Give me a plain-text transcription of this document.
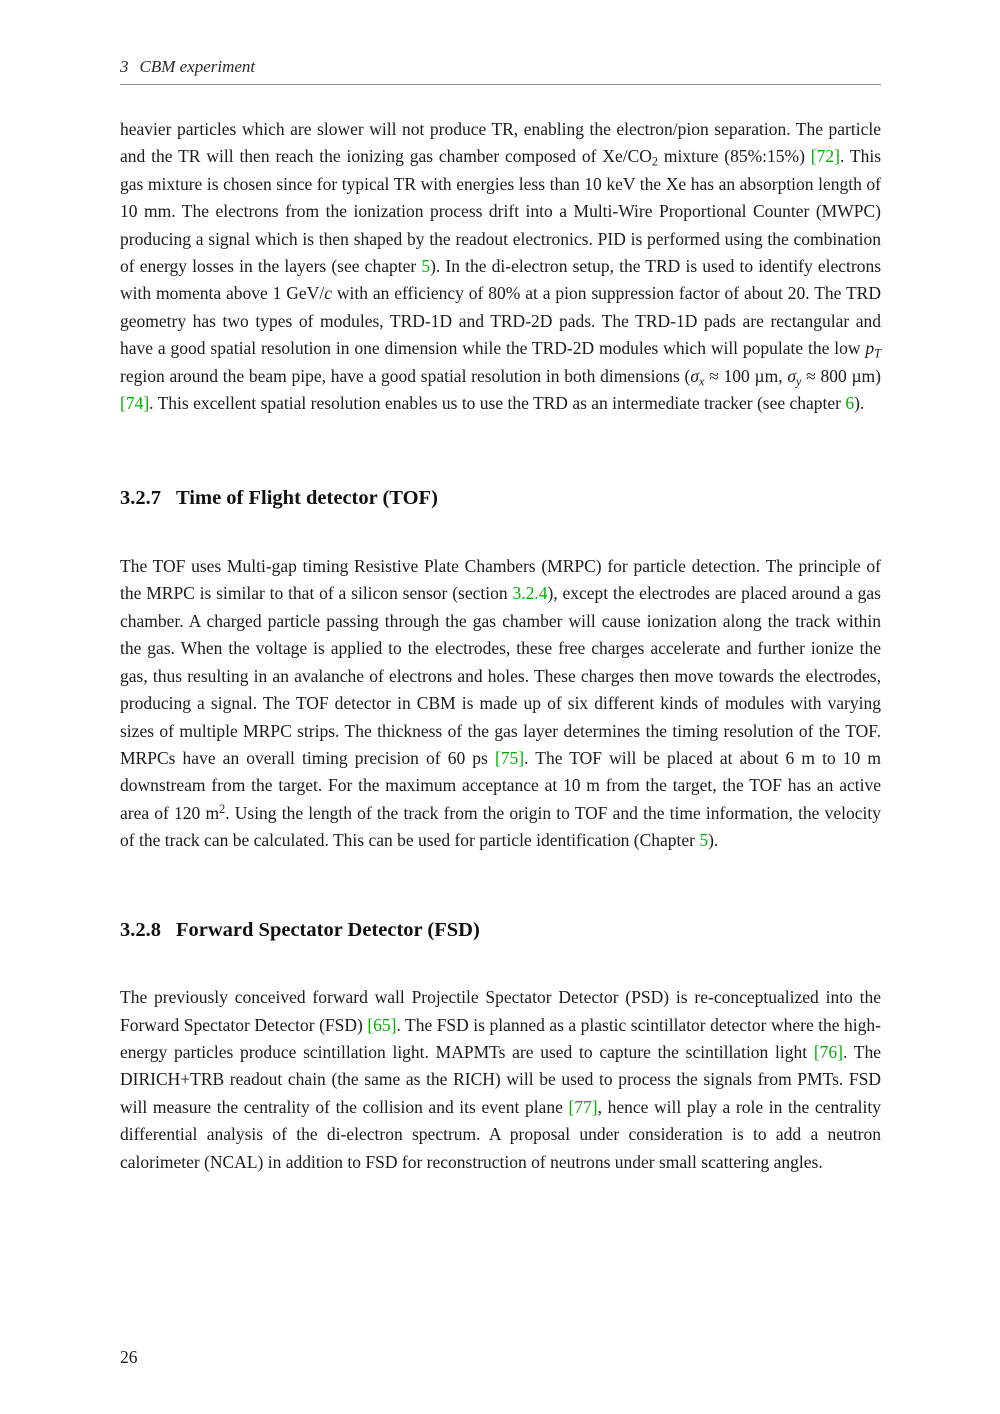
3 CBM experiment

heavier particles which are slower will not produce TR, enabling the electron/pion separation. The particle and the TR will then reach the ionizing gas chamber composed of Xe/CO2 mixture (85%:15%) [72]. This gas mixture is chosen since for typical TR with energies less than 10 keV the Xe has an absorption length of 10 mm. The electrons from the ionization process drift into a Multi-Wire Proportional Counter (MWPC) producing a signal which is then shaped by the readout electronics. PID is performed using the combination of energy losses in the layers (see chapter 5). In the di-electron setup, the TRD is used to identify electrons with momenta above 1 GeV/c with an efficiency of 80% at a pion suppression factor of about 20. The TRD geometry has two types of modules, TRD-1D and TRD-2D pads. The TRD-1D pads are rectangular and have a good spatial resolution in one dimension while the TRD-2D modules which will populate the low pT region around the beam pipe, have a good spatial resolution in both dimensions (σx ≈ 100 µm, σy ≈ 800 µm) [74]. This excellent spatial resolution enables us to use the TRD as an intermediate tracker (see chapter 6).

3.2.7 Time of Flight detector (TOF)

The TOF uses Multi-gap timing Resistive Plate Chambers (MRPC) for particle detection. The principle of the MRPC is similar to that of a silicon sensor (section 3.2.4), except the electrodes are placed around a gas chamber. A charged particle passing through the gas chamber will cause ionization along the track within the gas. When the voltage is applied to the electrodes, these free charges accelerate and further ionize the gas, thus resulting in an avalanche of electrons and holes. These charges then move towards the electrodes, producing a signal. The TOF detector in CBM is made up of six different kinds of modules with varying sizes of multiple MRPC strips. The thickness of the gas layer determines the timing resolution of the TOF. MRPCs have an overall timing precision of 60 ps [75]. The TOF will be placed at about 6 m to 10 m downstream from the target. For the maximum acceptance at 10 m from the target, the TOF has an active area of 120 $m^2$. Using the length of the track from the origin to TOF and the time information, the velocity of the track can be calculated. This can be used for particle identification (Chapter 5).

3.2.8 Forward Spectator Detector (FSD)

The previously conceived forward wall Projectile Spectator Detector (PSD) is re-conceptualized into the Forward Spectator Detector (FSD) [65]. The FSD is planned as a plastic scintillator detector where the high-energy particles produce scintillation light. MAPMTs are used to capture the scintillation light [76]. The DIRICH+TRB readout chain (the same as the RICH) will be used to process the signals from PMTs. FSD will measure the centrality of the collision and its event plane [77], hence will play a role in the centrality differential analysis of the di-electron spectrum. A proposal under consideration is to add a neutron calorimeter (NCAL) in addition to FSD for reconstruction of neutrons under small scattering angles.

26
